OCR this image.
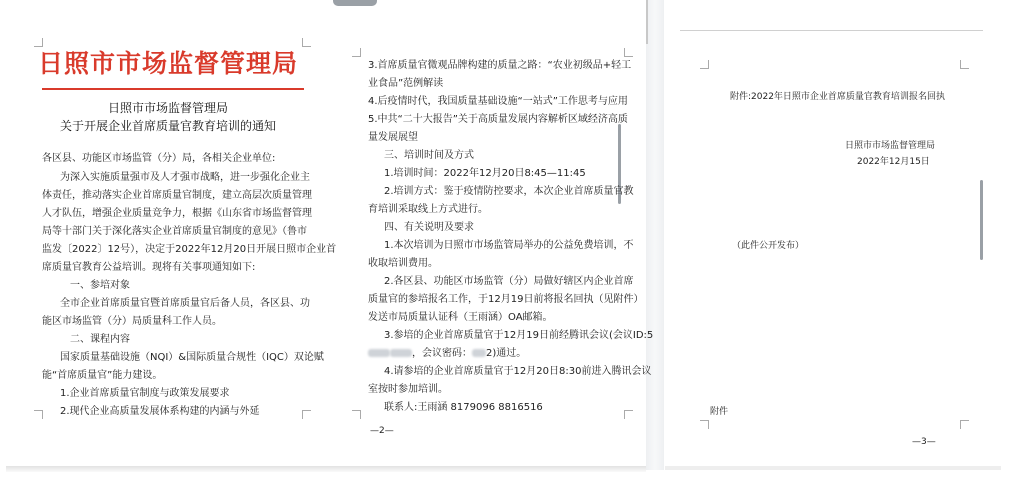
日照市市场监督管理局
日照市市场监督管理局
关于开展企业首席质量官教育培训的通知
各区县、功能区市场监管（分）局，各相关企业单位:
为深入实施质量强市及人才强市战略，进一步强化企业主
体责任，推动落实企业首席质量官制度，建立高层次质量管理
人才队伍，增强企业质量竞争力，根据《山东省市场监督管理
局等十部门关于深化落实企业首席质量官制度的意见》（鲁市
监发〔2022〕12号），决定于2022年12月20日开展日照市企业首
席质量官教育公益培训。现将有关事项通知如下:
一、参培对象
全市企业首席质量官暨首席质量官后备人员，各区县、功
能区市场监管（分）局质量科工作人员。
二、课程内容
国家质量基础设施（NQI）&国际质量合规性（IQC）双论赋
能“首席质量官”能力建设。
1.企业首席质量官制度与政策发展要求
2.现代企业高质量发展体系构建的内涵与外延
3.首席质量官微观品牌构建的质量之路：“农业初级品+轻工
业食品”范例解读
4.后疫情时代，我国质量基础设施“一站式”工作思考与应用
5.中共“二十大报告”关于高质量发展内容解析区域经济高质
量发展展望
三、培训时间及方式
1.培训时间：2022年12月20日8:45—11:45
2.培训方式：鉴于疫情防控要求，本次企业首席质量官教
育培训采取线上方式进行。
四、有关说明及要求
1.本次培训为日照市市场监管局举办的公益免费培训，不
收取培训费用。
2.各区县、功能区市场监管（分）局做好辖区内企业首席
质量官的参培报名工作，于12月19日前将报名回执（见附件）
发送市局质量认证科（王雨涵）OA邮箱。
3.参培的企业首席质量官于12月19日前经腾讯会议(会议ID:5
，会议密码： 2)通过。
4.请参培的企业首席质量官于12月20日8:30前进入腾讯会议
室按时参加培训。
联系人:王雨涵 8179096 8816516
—2—
附件:2022年日照市企业首席质量官教育培训报名回执
日照市市场监督管理局
2022年12月15日
（此件公开发布）
附件
—3—
